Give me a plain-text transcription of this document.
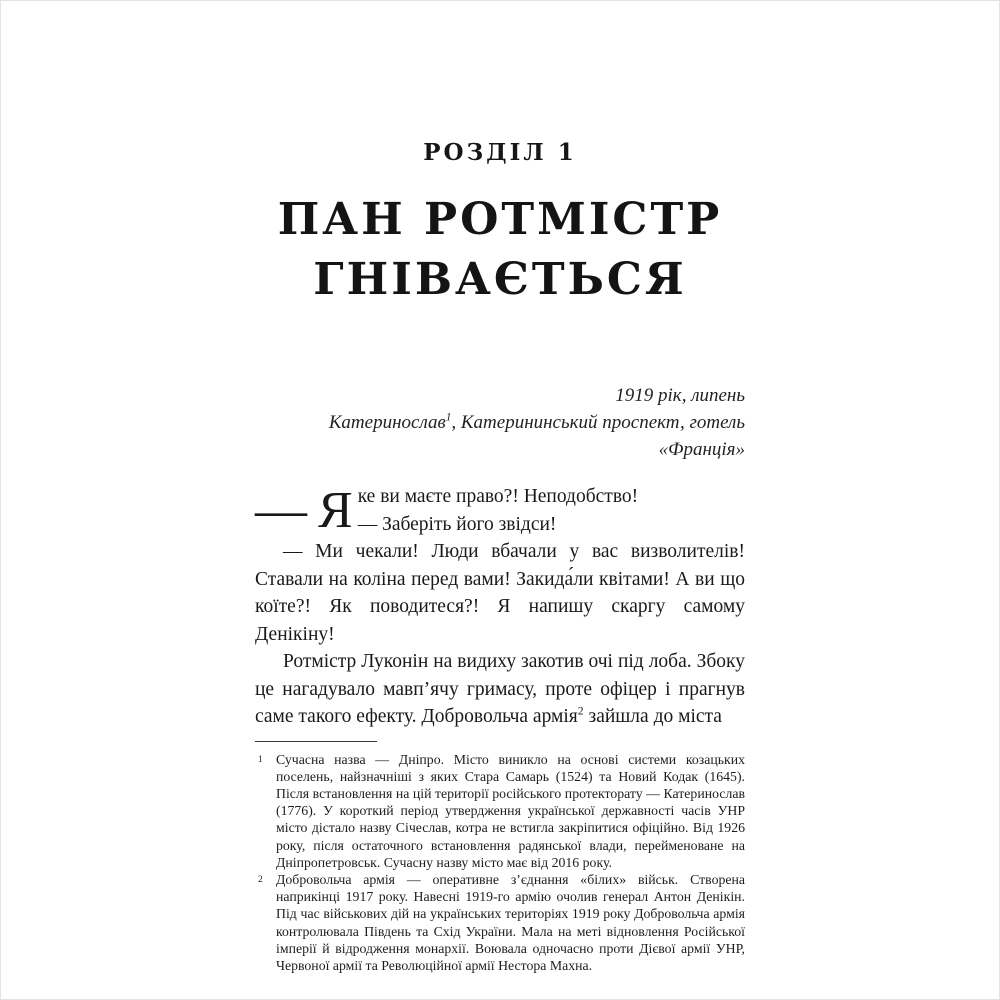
РОЗДІЛ 1
ПАН РОТМІСТР
ГНІВАЄТЬСЯ
1919 рік, липень
Катеринослав$^1$, Катерининський проспект, готель «Франція»

— Я ке ви маєте право?! Неподобство!
— Заберіть його звідси!

— Ми чекали! Люди вбачали у вас визволителів! Ставали на коліна перед вами! Закида́ли квітами! А ви що коїте?! Як поводитеся?! Я напишу скаргу самому Денікіну!

Ротмістр Луконін на видиху закотив очі під лоба. Збоку це нагадувало мавп’ячу гримасу, проте офіцер і прагнув саме такого ефекту. Добровольча армія$^2$ зайшла до міста

1 Сучасна назва — Дніпро. Місто виникло на основі системи козацьких поселень, найзначніші з яких Стара Самарь (1524) та Новий Кодак (1645). Після встановлення на цій території російського протекторату — Катеринослав (1776). У короткий період утвердження української державності часів УНР місто дістало назву Січеслав, котра не встигла закріпитися офіційно. Від 1926 року, після остаточного встановлення радянської влади, перейменоване на Дніпропетровськ. Сучасну назву місто має від 2016 року.
2 Добровольча армія — оперативне з’єднання «білих» військ. Створена наприкінці 1917 року. Навесні 1919-го армію очолив генерал Антон Денікін. Під час військових дій на українських територіях 1919 року Добровольча армія контролювала Південь та Схід України. Мала на меті відновлення Російської імперії й відродження монархії. Воювала одночасно проти Дієвої армії УНР, Червоної армії та Революційної армії Нестора Махна.
